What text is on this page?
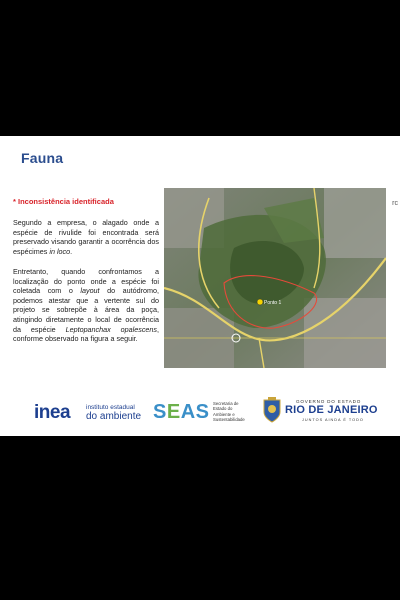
Fauna
* Inconsistência identificada
Segundo a empresa, o alagado onde a espécie de rivulide foi encontrada será preservado visando garantir a ocorrência dos espécimes in loco.
Entretanto, quando confrontamos a localização do ponto onde a espécie foi coletada com o layout do autódromo, podemos atestar que a vertente sul do projeto se sobrepõe à área da poça, atingindo diretamente o local de ocorrência da espécie Leptopanchax opalescens, conforme observado na figura a seguir.
Ponto 1
rc
inea instituto estadual
do ambiente SEAS Secretaria de
Estado do
Ambiente e
Sustentabilidade
GOVERNO DO ESTADO
RIO DE JANEIRO
JUNTOS AINDA É TODO
